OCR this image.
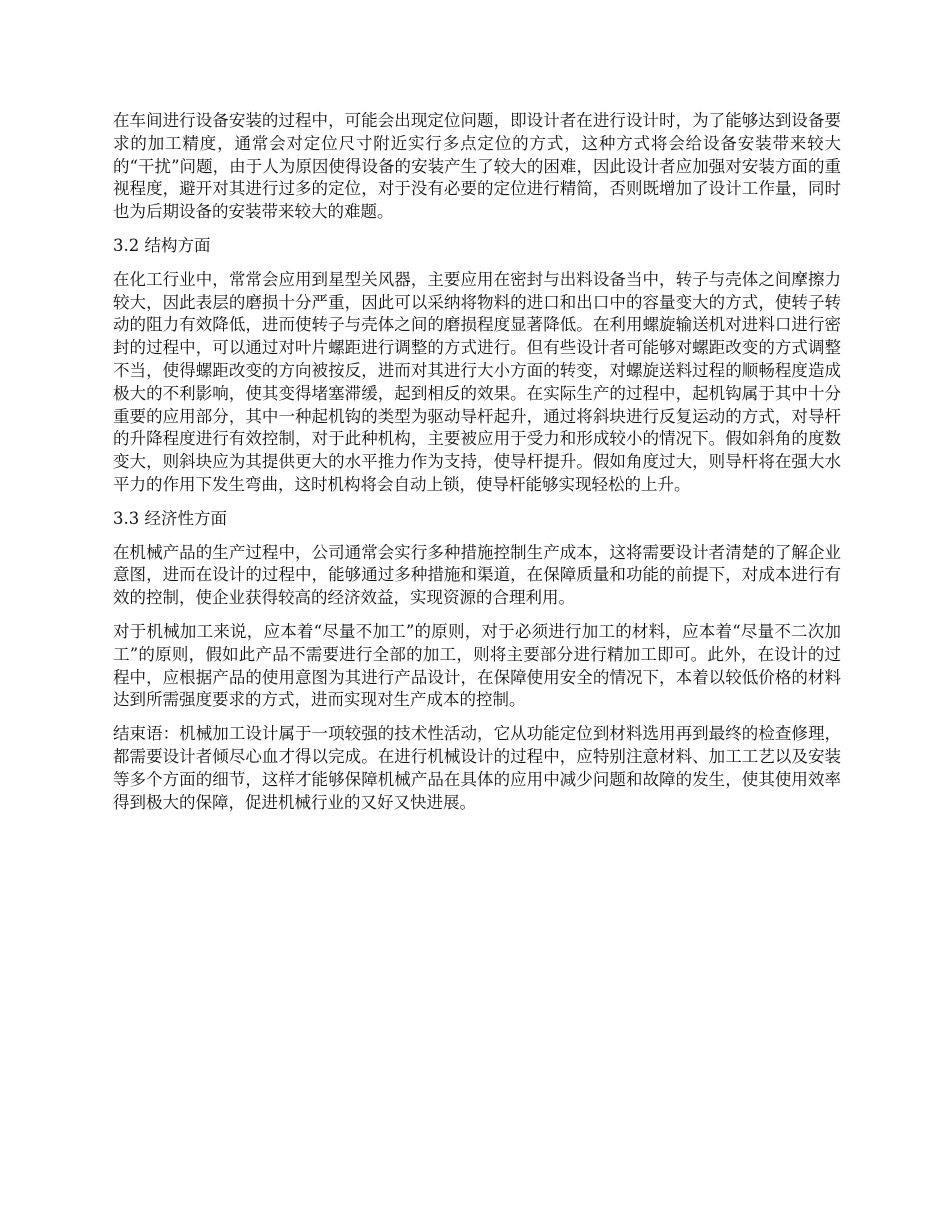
在车间进行设备安装的过程中，可能会出现定位问题，即设计者在进行设计时，为了能够达到设备要求的加工精度，通常会对定位尺寸附近实行多点定位的方式，这种方式将会给设备安装带来较大的“干扰”问题，由于人为原因使得设备的安装产生了较大的困难，因此设计者应加强对安装方面的重视程度，避开对其进行过多的定位，对于没有必要的定位进行精简，否则既增加了设计工作量，同时也为后期设备的安装带来较大的难题。

3.2 结构方面

在化工行业中，常常会应用到星型关风器，主要应用在密封与出料设备当中，转子与壳体之间摩擦力较大，因此表层的磨损十分严重，因此可以采纳将物料的进口和出口中的容量变大的方式，使转子转动的阻力有效降低，进而使转子与壳体之间的磨损程度显著降低。在利用螺旋输送机对进料口进行密封的过程中，可以通过对叶片螺距进行调整的方式进行。但有些设计者可能够对螺距改变的方式调整不当，使得螺距改变的方向被按反，进而对其进行大小方面的转变，对螺旋送料过程的顺畅程度造成极大的不利影响，使其变得堵塞滞缓，起到相反的效果。在实际生产的过程中，起机钩属于其中十分重要的应用部分，其中一种起机钩的类型为驱动导杆起升，通过将斜块进行反复运动的方式，对导杆的升降程度进行有效控制，对于此种机构，主要被应用于受力和形成较小的情况下。假如斜角的度数变大，则斜块应为其提供更大的水平推力作为支持，使导杆提升。假如角度过大，则导杆将在强大水平力的作用下发生弯曲，这时机构将会自动上锁，使导杆能够实现轻松的上升。

3.3 经济性方面

在机械产品的生产过程中，公司通常会实行多种措施控制生产成本，这将需要设计者清楚的了解企业意图，进而在设计的过程中，能够通过多种措施和渠道，在保障质量和功能的前提下，对成本进行有效的控制，使企业获得较高的经济效益，实现资源的合理利用。

对于机械加工来说，应本着“尽量不加工”的原则，对于必须进行加工的材料，应本着“尽量不二次加工”的原则，假如此产品不需要进行全部的加工，则将主要部分进行精加工即可。此外，在设计的过程中，应根据产品的使用意图为其进行产品设计，在保障使用安全的情况下，本着以较低价格的材料达到所需强度要求的方式，进而实现对生产成本的控制。

结束语：机械加工设计属于一项较强的技术性活动，它从功能定位到材料选用再到最终的检查修理，都需要设计者倾尽心血才得以完成。在进行机械设计的过程中，应特别注意材料、加工工艺以及安装等多个方面的细节，这样才能够保障机械产品在具体的应用中减少问题和故障的发生，使其使用效率得到极大的保障，促进机械行业的又好又快进展。
